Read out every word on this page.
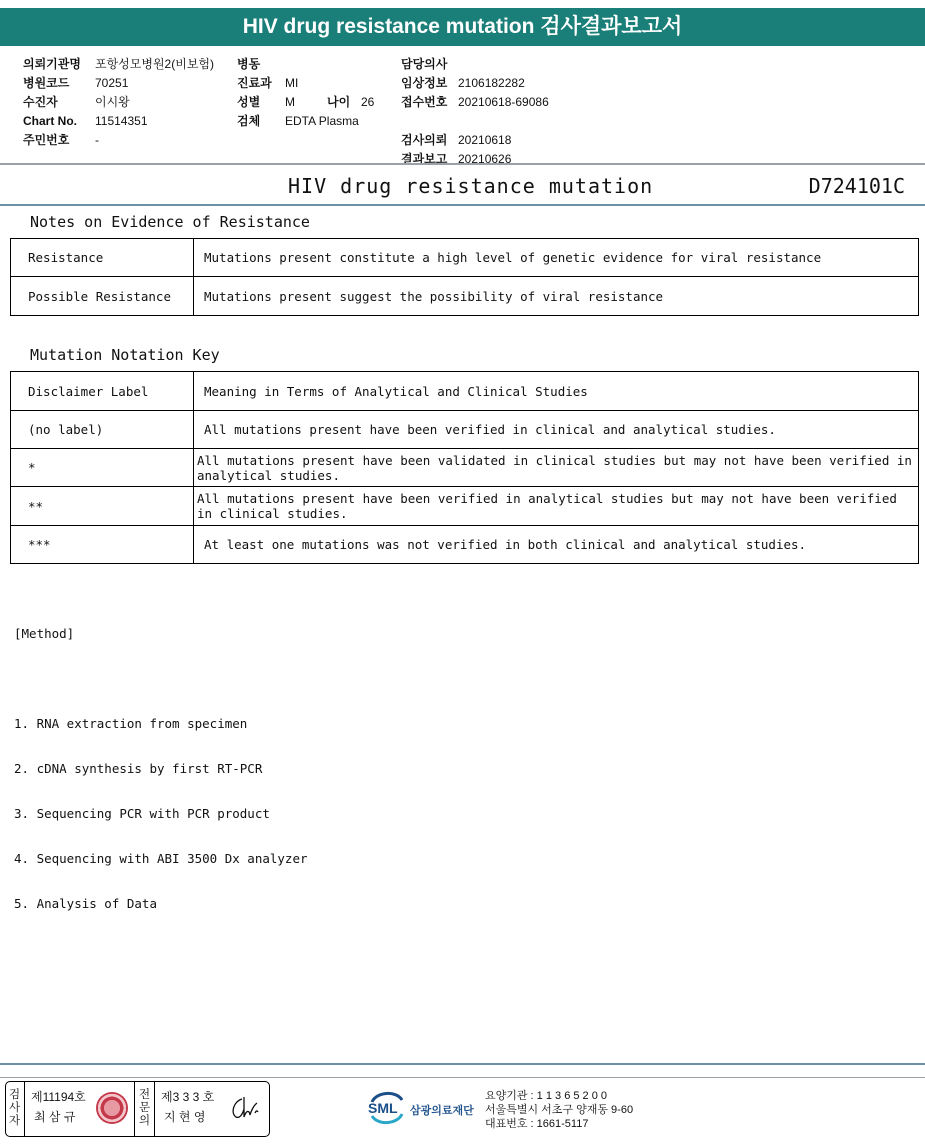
HIV drug resistance mutation 검사결과보고서
의뢰기관명 포항성모병원2(비보험)
병원코드 70251
수진자	이시왕
Chart No. 11514351
주민번호 -
병동
진료과 MI
성별 M	나이 26
검체 EDTA Plasma
담당의사
임상정보 2106182282
접수번호 20210618-69086
검사의뢰 20210618
결과보고 20210626
HIV drug resistance mutation	D724101C
Notes on Evidence of Resistance
Resistance	Mutations present constitute a high level of genetic evidence for viral resistance
Possible Resistance	Mutations present suggest the possibility of viral resistance
Mutation Notation Key
Disclaimer Label	Meaning in Terms of Analytical and Clinical Studies
(no label)	All mutations present have been verified in clinical and analytical studies.
*	All mutations present have been validated in clinical studies but may not have been verified in analytical studies.
**	All mutations present have been verified in analytical studies but may not have been verified in clinical studies.
***	At least one mutations was not verified in both clinical and analytical studies.

[Method]

1. RNA extraction from specimen

2. cDNA synthesis by first RT-PCR

3. Sequencing PCR with PCR product

4. Sequencing with ABI 3500 Dx analyzer

5. Analysis of Data

검사자
제11194호
최 삼 규
전문의
제3 3 3 호
지 현 영
SML 삼광의료재단
요양기관 : 1 1 3 6 5 2 0 0
서울특별시 서초구 양재동 9-60
대표번호 : 1661-5117
